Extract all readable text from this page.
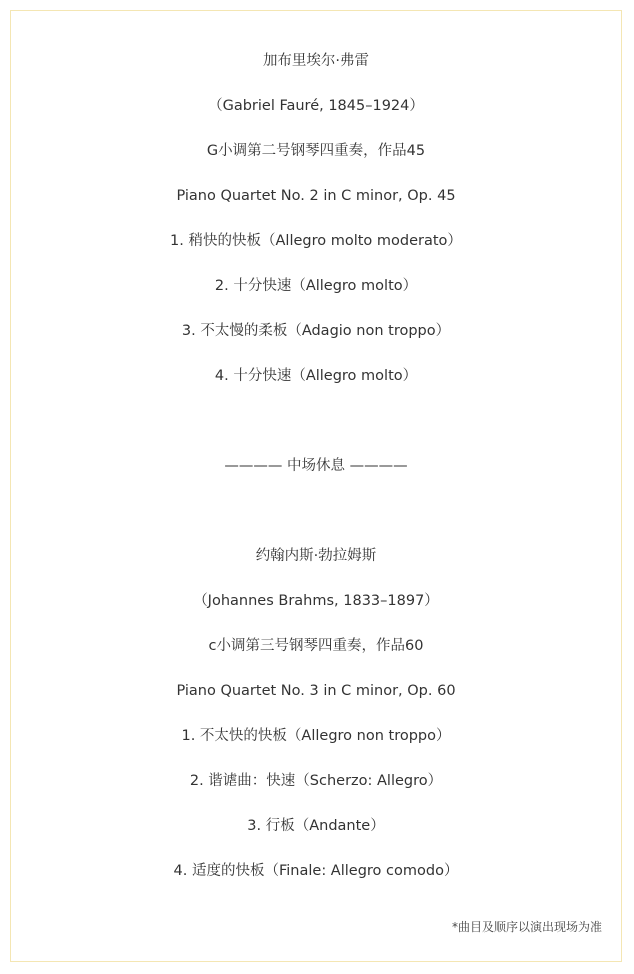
加布里埃尔·弗雷
（Gabriel Fauré, 1845–1924）
G小调第二号钢琴四重奏，作品45
Piano Quartet No. 2 in C minor, Op. 45
1. 稍快的快板（Allegro molto moderato）
2. 十分快速（Allegro molto）
3. 不太慢的柔板（Adagio non troppo）
4. 十分快速（Allegro molto）
———— 中场休息 ————
约翰内斯·勃拉姆斯
（Johannes Brahms, 1833–1897）
c小调第三号钢琴四重奏，作品60
Piano Quartet No. 3 in C minor, Op. 60
1. 不太快的快板（Allegro non troppo）
2. 谐谑曲：快速（Scherzo: Allegro）
3. 行板（Andante）
4. 适度的快板（Finale: Allegro comodo）
*曲目及顺序以演出现场为准
